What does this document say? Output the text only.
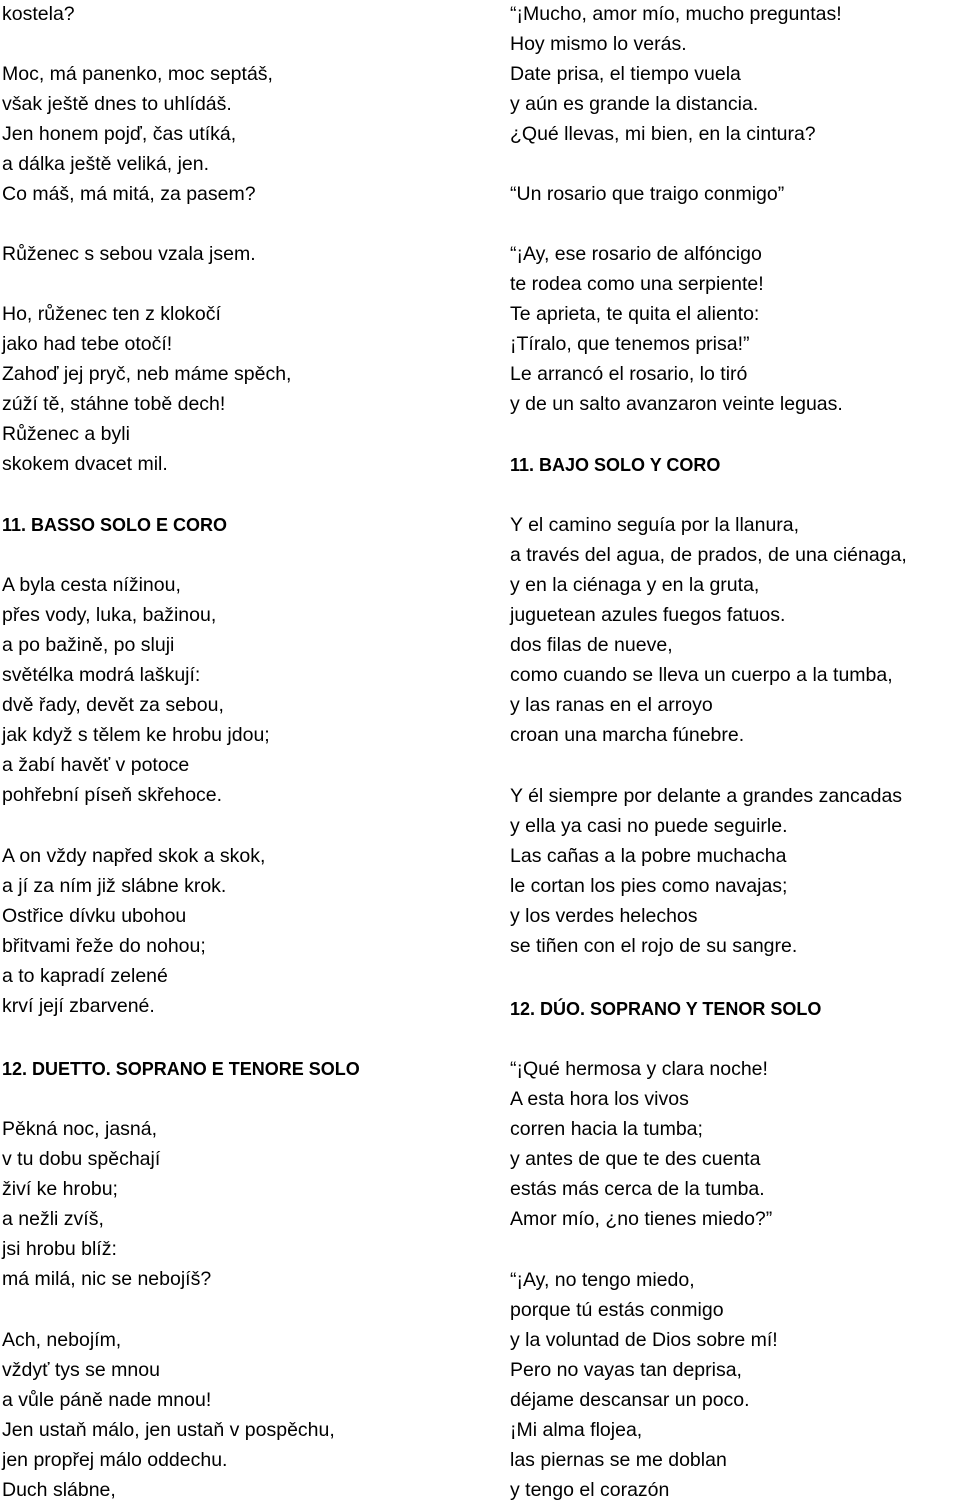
kostela?
Moc, má panenko, moc septáš,
však ještě dnes to uhlídáš.
Jen honem pojď, čas utíká,
a dálka ještě veliká, jen.
Co máš, má mitá, za pasem?
Růženec s sebou vzala jsem.
Ho, růženec ten z klokočí
jako had tebe otočí!
Zahoď jej pryč, neb máme spěch,
zúží tě, stáhne tobě dech!
Růženec a byli
skokem dvacet mil.
11. BASSO SOLO E CORO
A byla cesta nížinou,
přes vody, luka, bažinou,
a po bažině, po sluji
světélka modrá laškují:
dvě řady, devět za sebou,
jak když s tělem ke hrobu jdou;
a žabí havěť v potoce
pohřební píseň skřehoce.
A on vždy napřed skok a skok,
a jí za ním již slábne krok.
Ostřice dívku ubohou
břitvami řeže do nohou;
a to kapradí zelené
krví její zbarvené.
12. DUETTO. SOPRANO E TENORE SOLO
Pěkná noc, jasná,
v tu dobu spěchají
živí ke hrobu;
a nežli zvíš,
jsi hrobu blíž:
má milá, nic se nebojíš?
Ach, nebojím,
vždyť tys se mnou
a vůle páně nade mnou!
Jen ustaň málo, jen ustaň v pospěchu,
jen propřej málo oddechu.
Duch slábne,
“¡Mucho, amor mío, mucho preguntas!
Hoy mismo lo verás.
Date prisa, el tiempo vuela
y aún es grande la distancia.
¿Qué llevas, mi bien, en la cintura?
“Un rosario que traigo conmigo”
“¡Ay, ese rosario de alfóncigo
te rodea como una serpiente!
Te aprieta, te quita el aliento:
¡Tíralo, que tenemos prisa!”
Le arrancó el rosario, lo tiró
y de un salto avanzaron veinte leguas.
11. BAJO SOLO Y CORO
Y el camino seguía por la llanura,
a través del agua, de prados, de una ciénaga,
y en la ciénaga y en la gruta,
juguetean azules fuegos fatuos.
dos filas de nueve,
como cuando se lleva un cuerpo a la tumba,
y las ranas en el arroyo
croan una marcha fúnebre.
Y él siempre por delante a grandes zancadas
y ella ya casi no puede seguirle.
Las cañas a la pobre muchacha
le cortan los pies como navajas;
y los verdes helechos
se tiñen con el rojo de su sangre.
12. DÚO. SOPRANO Y TENOR SOLO
“¡Qué hermosa y clara noche!
A esta hora los vivos
corren hacia la tumba;
y antes de que te des cuenta
estás más cerca de la tumba.
Amor mío, ¿no tienes miedo?”
“¡Ay, no tengo miedo,
porque tú estás conmigo
y la voluntad de Dios sobre mí!
Pero no vayas tan deprisa,
déjame descansar un poco.
¡Mi alma flojea,
las piernas se me doblan
y tengo el corazón
